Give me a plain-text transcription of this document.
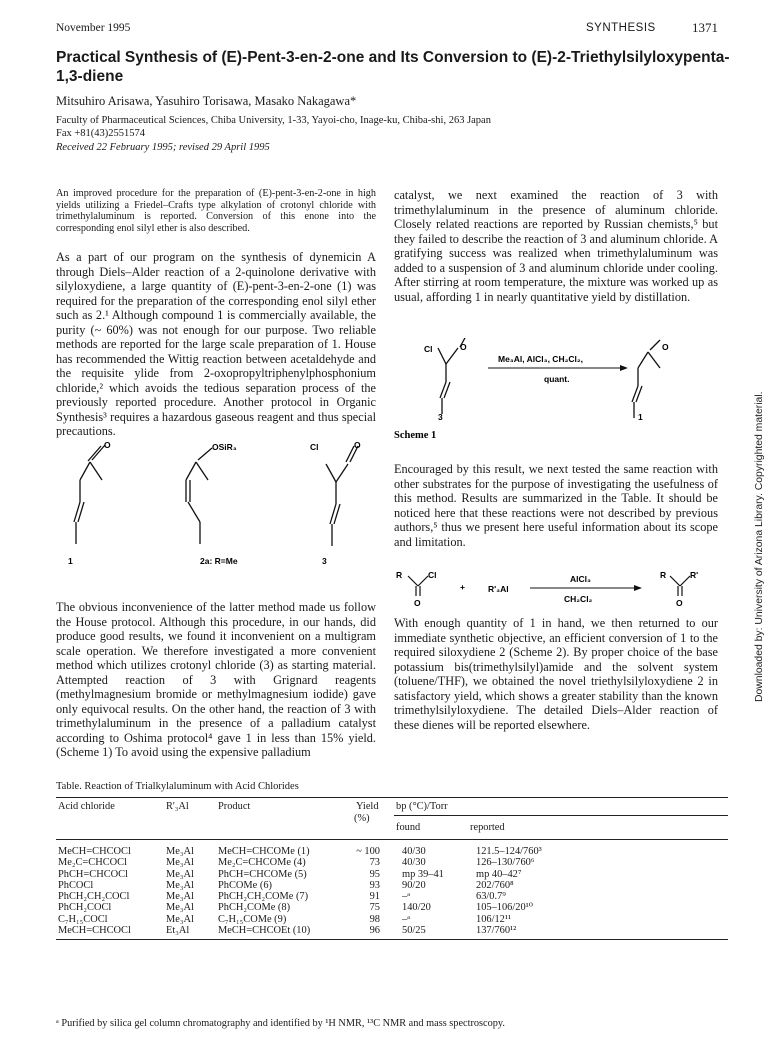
November 1995	SYNTHESIS	1371
Practical Synthesis of (E)-Pent-3-en-2-one and Its Conversion to (E)-2-Triethylsilyloxypenta-1,3-diene
Mitsuhiro Arisawa, Yasuhiro Torisawa, Masako Nakagawa*
Faculty of Pharmaceutical Sciences, Chiba University, 1-33, Yayoi-cho, Inage-ku, Chiba-shi, 263 Japan
Fax +81(43)2551574
Received 22 February 1995; revised 29 April 1995
An improved procedure for the preparation of (E)-pent-3-en-2-one in high yields utilizing a Friedel–Crafts type alkylation of crotonyl chloride with trimethylaluminum is reported. Conversion of this enone into the corresponding enol silyl ether is also described.
As a part of our program on the synthesis of dynemicin A through Diels–Alder reaction of a 2-quinolone derivative with silyloxydiene, a large quantity of (E)-pent-3-en-2-one (1) was required for the preparation of the corresponding enol silyl ether such as 2.¹ Although compound 1 is commercially available, the purity (~ 60%) was not enough for our purpose. Two reliable methods are reported for the large scale preparation of 1. House has recommended the Wittig reaction between acetaldehyde and the requisite ylide from 2-oxopropyltriphenylphosphonium chloride,² which avoids the tedious separation process of the previously reported procedure. Another protocol in Organic Synthesis³ requires a hazardous gaseous reagent and thus special precautions.
O
1
OSiR₃
2a: R=Me
Cl	O
3
The obvious inconvenience of the latter method made us follow the House protocol. Although this procedure, in our hands, did produce good results, we found it inconvenient on a multigram scale operation. We therefore investigated a more convenient method which utilizes crotonyl chloride (3) as starting material. Attempted reaction of 3 with Grignard reagents (methylmagnesium bromide or methylmagnesium iodide) gave only equivocal results. On the other hand, the reaction of 3 with trimethylaluminum in the presence of a palladium catalyst according to Oshima protocol⁴ gave 1 in less than 15% yield. (Scheme 1) To avoid using the expensive palladium
catalyst, we next examined the reaction of 3 with trimethylaluminum in the presence of aluminum chloride. Closely related reactions are reported by Russian chemists,⁵ but they failed to describe the reaction of 3 and aluminum chloride. A gratifying success was realized when trimethylaluminum was added to a suspension of 3 and aluminum chloride under cooling. After stirring at room temperature, the mixture was worked up as usual, affording 1 in nearly quantitative yield by distillation.
Cl	O
3
Me₃Al, AlCl₃, CH₂Cl₂,
quant.
O
1
Scheme 1
Encouraged by this result, we next tested the same reaction with other substrates for the purpose of investigating the usefulness of this method. Results are summarized in the Table. It should be noticed here that these reactions were not described by previous authors,⁵ thus we present here useful information about its scope and limitation.
R	Cl
O
+	R'₃Al
AlCl₃
CH₂Cl₂
R	R'
O
With enough quantity of 1 in hand, we then returned to our immediate synthetic objective, an efficient conversion of 1 to the required siloxydiene 2 (Scheme 2). By proper choice of the base potassium bis(trimethylsilyl)amide and the solvent system (toluene/THF), we obtained the novel triethylsilyloxydiene 2 in satisfactory yield, which shows a greater stability than the known trimethylsilyloxydiene. The detailed Diels–Alder reaction of these dienes will be reported elsewhere.
Downloaded by: University of Arizona Library. Copyrighted material.
Table. Reaction of Trialkylaluminum with Acid Chlorides
Acid chloride	R'₃Al	Product	Yield
(%)
bp (°C)/Torr
found	reported
MeCH=CHCOCl	Me₃Al	MeCH=CHCOMe (1)	~ 100	40/30	121.5–124/760³
Me₂C=CHCOCl	Me₃Al	Me₂C=CHCOMe (4)	73	40/30	126–130/760⁶
PhCH=CHCOCl	Me₃Al	PhCH=CHCOMe (5)	95	mp 39–41	mp 40–42⁷
PhCOCl	Me₃Al	PhCOMe (6)	93	90/20	202/760⁸
PhCH₂CH₂COCl	Me₃Al	PhCH₂CH₂COMe (7)	91	–ᵃ	63/0.7⁹
PhCH₂COCl	Me₃Al	PhCH₂COMe (8)	75	140/20	105–106/20¹⁰
C₇H₁₅COCl	Me₃Al	C₇H₁₅COMe (9)	98	–ᵃ	106/12¹¹
MeCH=CHCOCl	Et₃Al	MeCH=CHCOEt (10)	96	50/25	137/760¹²
ᵃ Purified by silica gel column chromatography and identified by ¹H NMR, ¹³C NMR and mass spectroscopy.
